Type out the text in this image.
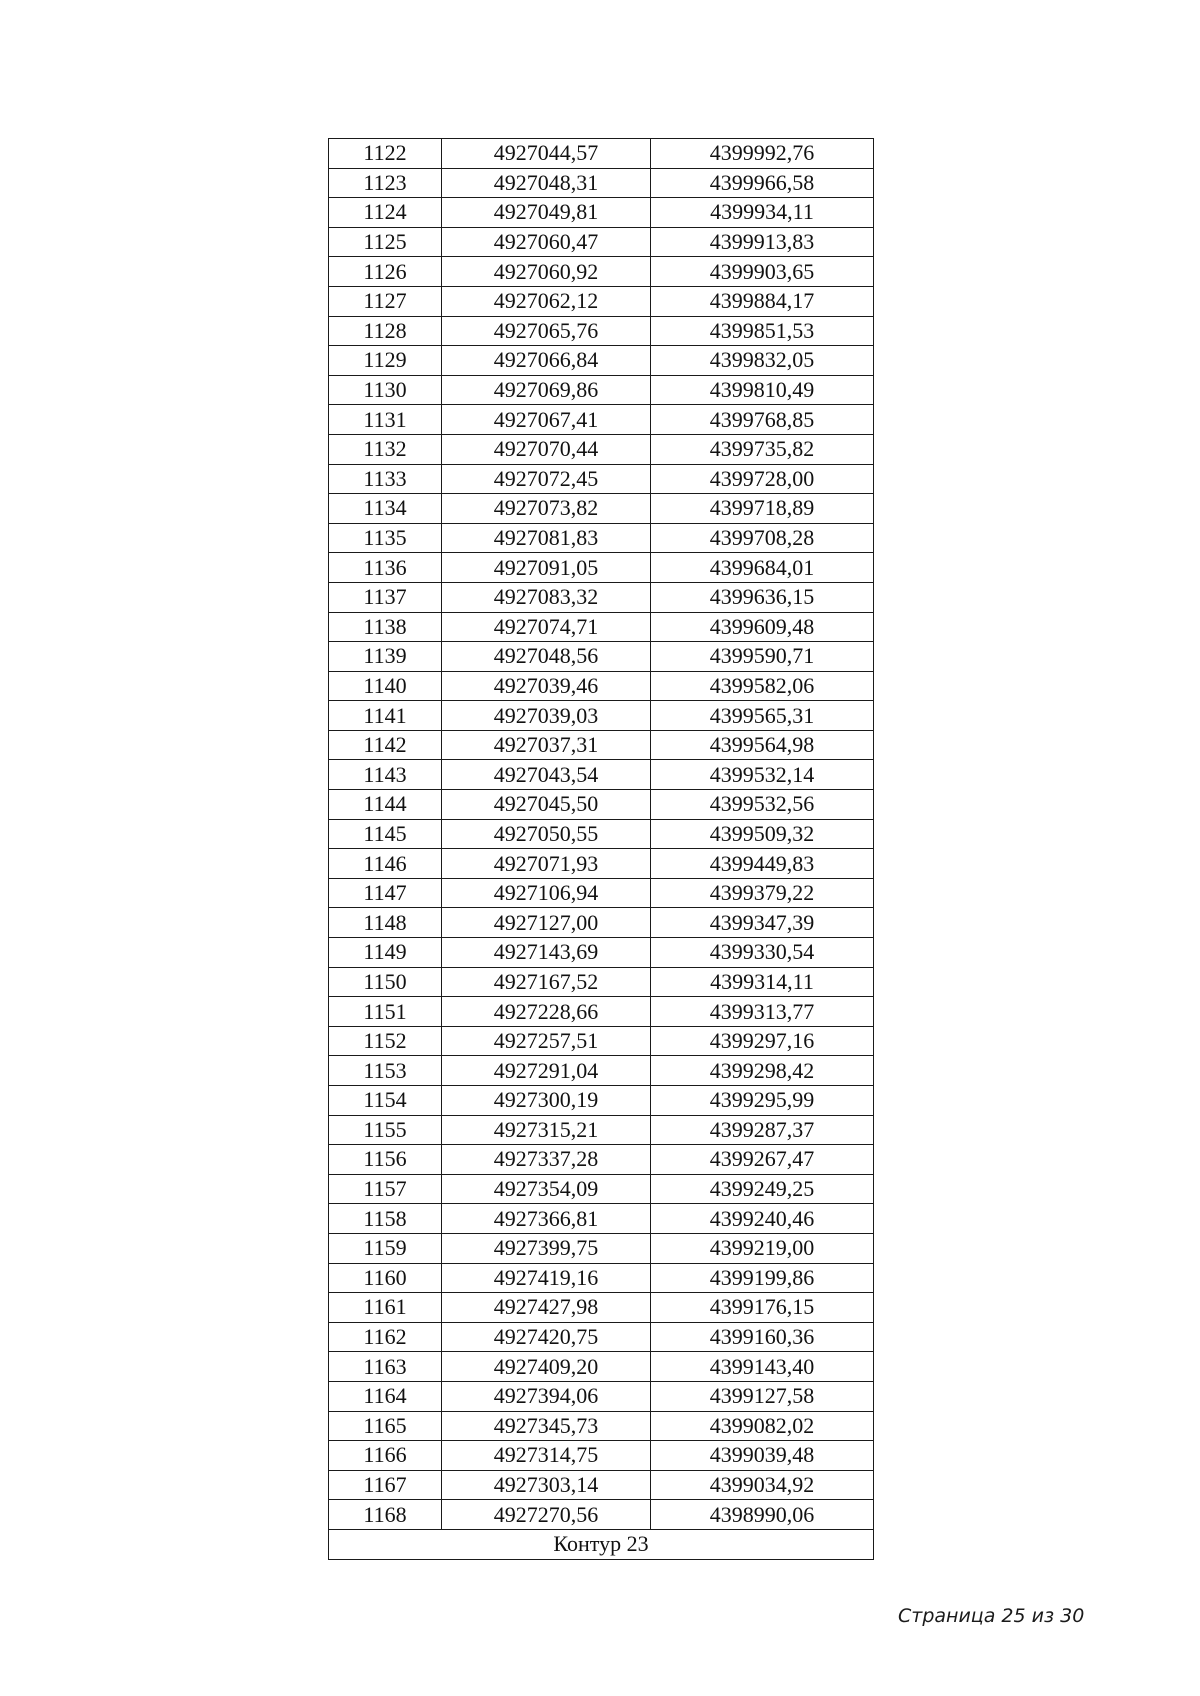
1122	4927044,57	4399992,76
1123	4927048,31	4399966,58
1124	4927049,81	4399934,11
1125	4927060,47	4399913,83
1126	4927060,92	4399903,65
1127	4927062,12	4399884,17
1128	4927065,76	4399851,53
1129	4927066,84	4399832,05
1130	4927069,86	4399810,49
1131	4927067,41	4399768,85
1132	4927070,44	4399735,82
1133	4927072,45	4399728,00
1134	4927073,82	4399718,89
1135	4927081,83	4399708,28
1136	4927091,05	4399684,01
1137	4927083,32	4399636,15
1138	4927074,71	4399609,48
1139	4927048,56	4399590,71
1140	4927039,46	4399582,06
1141	4927039,03	4399565,31
1142	4927037,31	4399564,98
1143	4927043,54	4399532,14
1144	4927045,50	4399532,56
1145	4927050,55	4399509,32
1146	4927071,93	4399449,83
1147	4927106,94	4399379,22
1148	4927127,00	4399347,39
1149	4927143,69	4399330,54
1150	4927167,52	4399314,11
1151	4927228,66	4399313,77
1152	4927257,51	4399297,16
1153	4927291,04	4399298,42
1154	4927300,19	4399295,99
1155	4927315,21	4399287,37
1156	4927337,28	4399267,47
1157	4927354,09	4399249,25
1158	4927366,81	4399240,46
1159	4927399,75	4399219,00
1160	4927419,16	4399199,86
1161	4927427,98	4399176,15
1162	4927420,75	4399160,36
1163	4927409,20	4399143,40
1164	4927394,06	4399127,58
1165	4927345,73	4399082,02
1166	4927314,75	4399039,48
1167	4927303,14	4399034,92
1168	4927270,56	4398990,06
Контур 23		
Страница 25 из 30
